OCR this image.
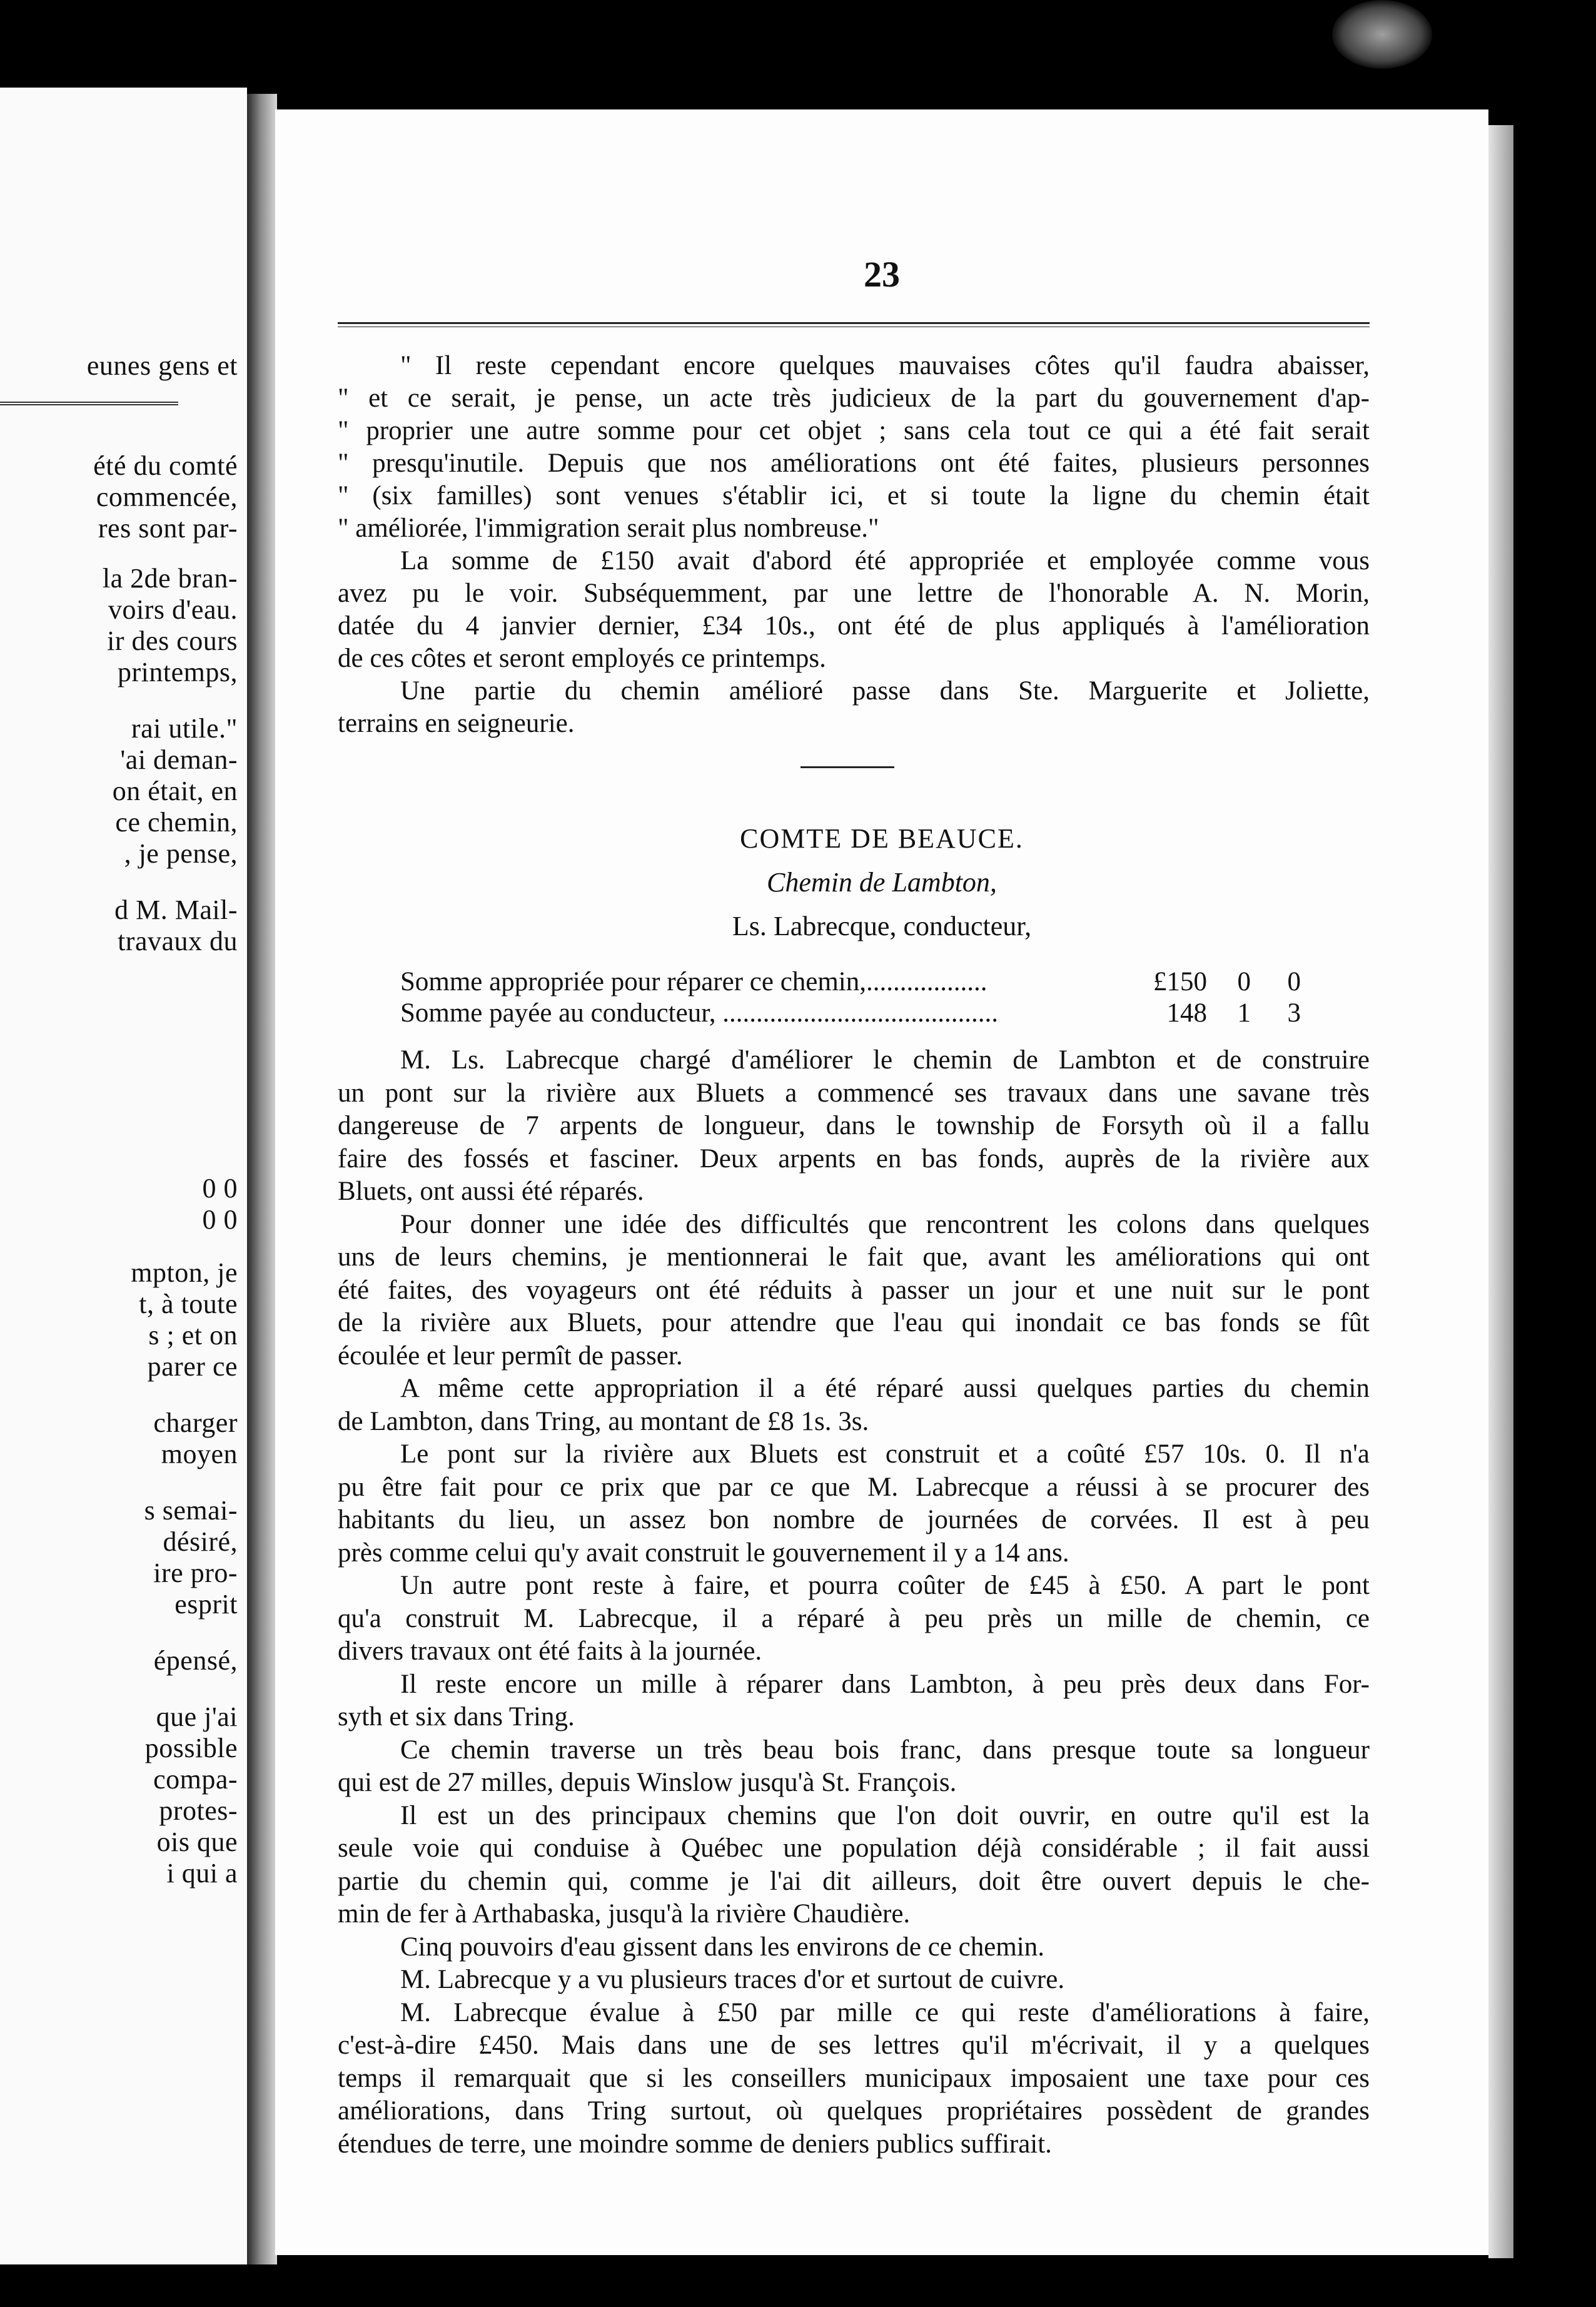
eunes gens et
été du comté
commencée,
res sont par-
la 2de bran-
voirs d'eau.
ir des cours
printemps,
rai utile."
'ai deman-
on était, en
ce chemin,
, je pense,
d M. Mail-
travaux du
0 0
0 0
mpton, je
t, à toute
s ; et on
parer ce
charger
moyen
s semai-
désiré,
ire pro-
esprit
épensé,
que j'ai
possible
compa-
protes-
ois que
i qui a
23
" Il reste cependant encore quelques mauvaises côtes qu'il faudra abaisser,
" et ce serait, je pense, un acte très judicieux de la part du gouvernement d'ap-
" proprier une autre somme pour cet objet ; sans cela tout ce qui a été fait serait
" presqu'inutile. Depuis que nos améliorations ont été faites, plusieurs personnes
" (six familles) sont venues s'établir ici, et si toute la ligne du chemin était
" améliorée, l'immigration serait plus nombreuse."
La somme de £150 avait d'abord été appropriée et employée comme vous
avez pu le voir. Subséquemment, par une lettre de l'honorable A. N. Morin,
datée du 4 janvier dernier, £34 10s., ont été de plus appliqués à l'amélioration
de ces côtes et seront employés ce printemps.
Une partie du chemin amélioré passe dans Ste. Marguerite et Joliette,
terrains en seigneurie.
COMTE DE BEAUCE.
Chemin de Lambton,
Ls. Labrecque, conducteur,
Somme appropriée pour réparer ce chemin,..................	£150	0	0
Somme payée au conducteur, .........................................	148	1	3
M. Ls. Labrecque chargé d'améliorer le chemin de Lambton et de construire
un pont sur la rivière aux Bluets a commencé ses travaux dans une savane très
dangereuse de 7 arpents de longueur, dans le township de Forsyth où il a fallu
faire des fossés et fasciner. Deux arpents en bas fonds, auprès de la rivière aux
Bluets, ont aussi été réparés.
Pour donner une idée des difficultés que rencontrent les colons dans quelques
uns de leurs chemins, je mentionnerai le fait que, avant les améliorations qui ont
été faites, des voyageurs ont été réduits à passer un jour et une nuit sur le pont
de la rivière aux Bluets, pour attendre que l'eau qui inondait ce bas fonds se fût
écoulée et leur permît de passer.
A même cette appropriation il a été réparé aussi quelques parties du chemin
de Lambton, dans Tring, au montant de £8 1s. 3s.
Le pont sur la rivière aux Bluets est construit et a coûté £57 10s. 0. Il n'a
pu être fait pour ce prix que par ce que M. Labrecque a réussi à se procurer des
habitants du lieu, un assez bon nombre de journées de corvées. Il est à peu
près comme celui qu'y avait construit le gouvernement il y a 14 ans.
Un autre pont reste à faire, et pourra coûter de £45 à £50. A part le pont
qu'a construit M. Labrecque, il a réparé à peu près un mille de chemin, ce
divers travaux ont été faits à la journée.
Il reste encore un mille à réparer dans Lambton, à peu près deux dans For-
syth et six dans Tring.
Ce chemin traverse un très beau bois franc, dans presque toute sa longueur
qui est de 27 milles, depuis Winslow jusqu'à St. François.
Il est un des principaux chemins que l'on doit ouvrir, en outre qu'il est la
seule voie qui conduise à Québec une population déjà considérable ; il fait aussi
partie du chemin qui, comme je l'ai dit ailleurs, doit être ouvert depuis le che-
min de fer à Arthabaska, jusqu'à la rivière Chaudière.
Cinq pouvoirs d'eau gissent dans les environs de ce chemin.
M. Labrecque y a vu plusieurs traces d'or et surtout de cuivre.
M. Labrecque évalue à £50 par mille ce qui reste d'améliorations à faire,
c'est-à-dire £450. Mais dans une de ses lettres qu'il m'écrivait, il y a quelques
temps il remarquait que si les conseillers municipaux imposaient une taxe pour ces
améliorations, dans Tring surtout, où quelques propriétaires possèdent de grandes
étendues de terre, une moindre somme de deniers publics suffirait.
